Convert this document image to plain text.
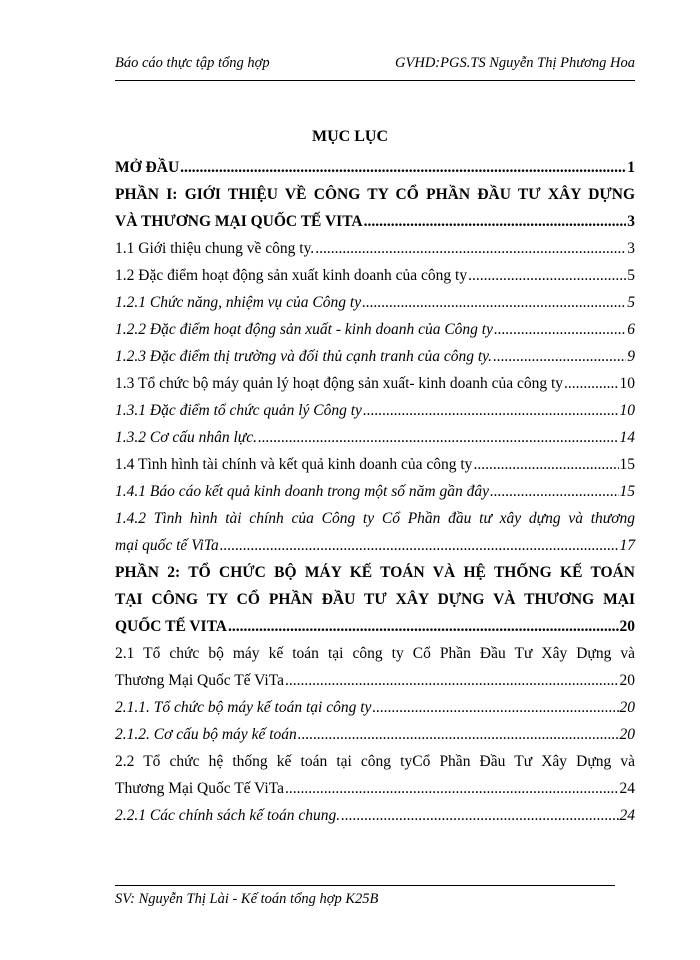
Báo cáo thực tập tổng hợp	GVHD:PGS.TS Nguyễn Thị Phương Hoa
MỤC LỤC
MỞ ĐẦU .....	1
PHẦN I: GIỚI THIỆU VỀ CÔNG TY CỔ PHẦN ĐẦU TƯ XÂY DỰNG
VÀ THƯƠNG MẠI QUỐC TẾ VITA .....	3
1.1 Giới thiệu chung về công ty. .....	3
1.2 Đặc điểm hoạt động sản xuất kinh doanh của công ty .....	5
1.2.1 Chức năng, nhiệm vụ của Công ty .....	5
1.2.2 Đặc điểm hoạt động sản xuất - kinh doanh của Công ty .....	6
1.2.3 Đặc điểm thị trường và đối thủ cạnh tranh của công ty. .....	9
1.3 Tổ chức bộ máy quản lý hoạt động sản xuất- kinh doanh của công ty .....	10
1.3.1 Đặc điểm tổ chức quản lý Công ty .....	10
1.3.2 Cơ cấu nhân lực. .....	14
1.4 Tình hình tài chính và kết quả kinh doanh của công ty .....	15
1.4.1 Báo cáo kết quả kinh doanh trong một số năm gần đây .....	15
1.4.2 Tình hình tài chính của Công ty Cổ Phần đầu tư xây dựng và thương
mại quốc tế ViTa .....	17
PHẦN 2: TỔ CHỨC BỘ MÁY KẾ TOÁN VÀ HỆ THỐNG KẾ TOÁN
TẠI CÔNG TY CỔ PHẦN ĐẦU TƯ XÂY DỰNG VÀ THƯƠNG MẠI
QUỐC TẾ VITA .....	20
2.1 Tổ chức bộ máy kế toán tại công ty Cổ Phần Đầu Tư Xây Dựng và
Thương Mại Quốc Tế ViTa .....	20
2.1.1. Tổ chức bộ máy kế toán tại công ty .....	20
2.1.2. Cơ cấu bộ máy kế toán .....	20
2.2 Tổ chức hệ thống kế toán tại công tyCổ Phần Đầu Tư Xây Dựng và
Thương Mại Quốc Tế ViTa .....	24
2.2.1 Các chính sách kế toán chung. .....	24
SV: Nguyễn Thị Lài - Kế toán tổng hợp K25B
